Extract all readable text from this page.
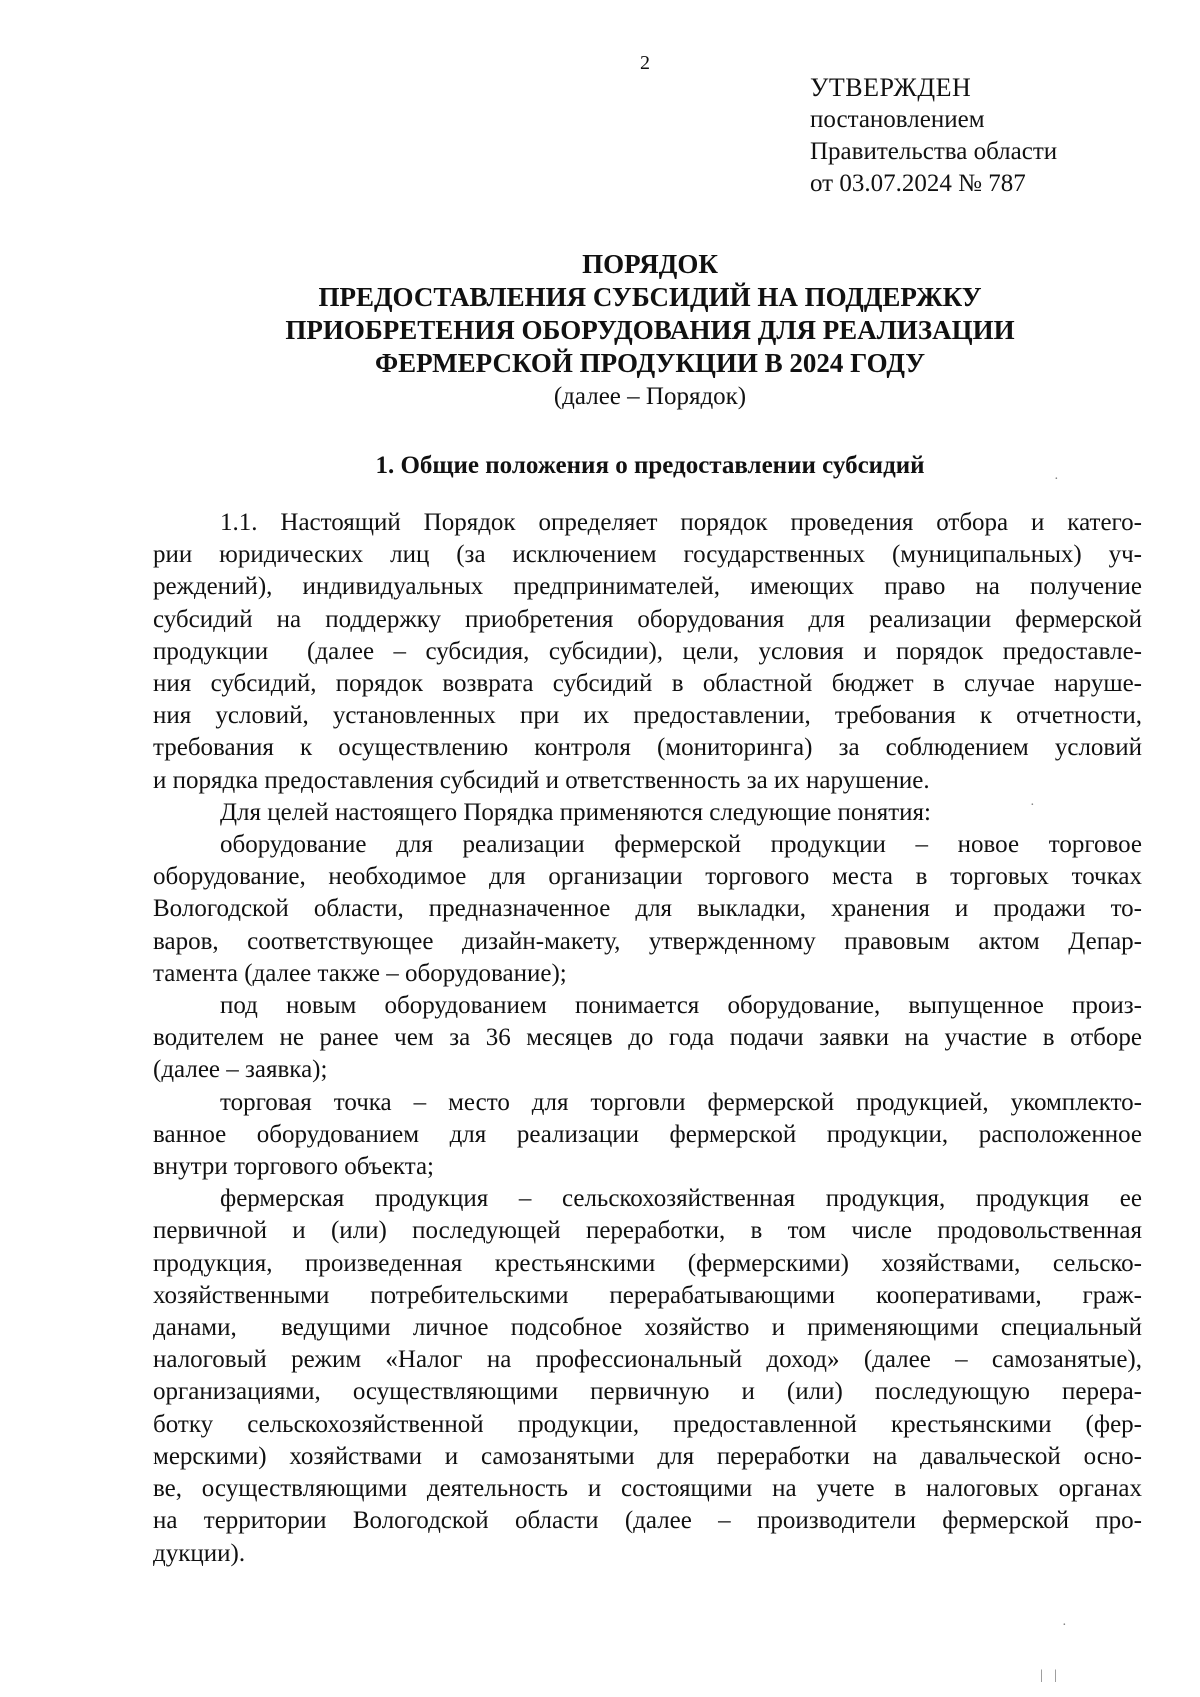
2
УТВЕРЖДЕН
постановлением
Правительства области
от 03.07.2024 № 787
ПОРЯДОК
ПРЕДОСТАВЛЕНИЯ СУБСИДИЙ НА ПОДДЕРЖКУ
ПРИОБРЕТЕНИЯ ОБОРУДОВАНИЯ ДЛЯ РЕАЛИЗАЦИИ
ФЕРМЕРСКОЙ ПРОДУКЦИИ В 2024 ГОДУ
(далее – Порядок)
1. Общие положения о предоставлении субсидий
1.1. Настоящий Порядок определяет порядок проведения отбора и катего-
рии юридических лиц (за исключением государственных (муниципальных) уч-
реждений), индивидуальных предпринимателей, имеющих право на получение
субсидий на поддержку приобретения оборудования для реализации фермерской
продукции  (далее – субсидия, субсидии), цели, условия и порядок предоставле-
ния субсидий, порядок возврата субсидий в областной бюджет в случае наруше-
ния условий, установленных при их предоставлении, требования к отчетности,
требования к осуществлению контроля (мониторинга) за соблюдением условий
и порядка предоставления субсидий и ответственность за их нарушение.
Для целей настоящего Порядка применяются следующие понятия:
оборудование для реализации фермерской продукции – новое торговое
оборудование, необходимое для организации торгового места в торговых точках
Вологодской области, предназначенное для выкладки, хранения и продажи то-
варов, соответствующее дизайн-макету, утвержденному правовым актом Депар-
тамента (далее также – оборудование);
под новым оборудованием понимается оборудование, выпущенное произ-
водителем не ранее чем за 36 месяцев до года подачи заявки на участие в отборе
(далее – заявка);
торговая точка – место для торговли фермерской продукцией, укомплекто-
ванное оборудованием для реализации фермерской продукции, расположенное
внутри торгового объекта;
фермерская продукция – сельскохозяйственная продукция, продукция ее
первичной и (или) последующей переработки, в том числе продовольственная
продукция, произведенная крестьянскими (фермерскими) хозяйствами, сельско-
хозяйственными потребительскими перерабатывающими кооперативами, граж-
данами,  ведущими личное подсобное хозяйство и применяющими специальный
налоговый режим «Налог на профессиональный доход» (далее – самозанятые),
организациями, осуществляющими первичную и (или) последующую перера-
ботку сельскохозяйственной продукции, предоставленной крестьянскими (фер-
мерскими) хозяйствами и самозанятыми для переработки на давальческой осно-
ве, осуществляющими деятельность и состоящими на учете в налоговых органах
на территории Вологодской области (далее – производители фермерской про-
дукции).
·
·
·
| |
